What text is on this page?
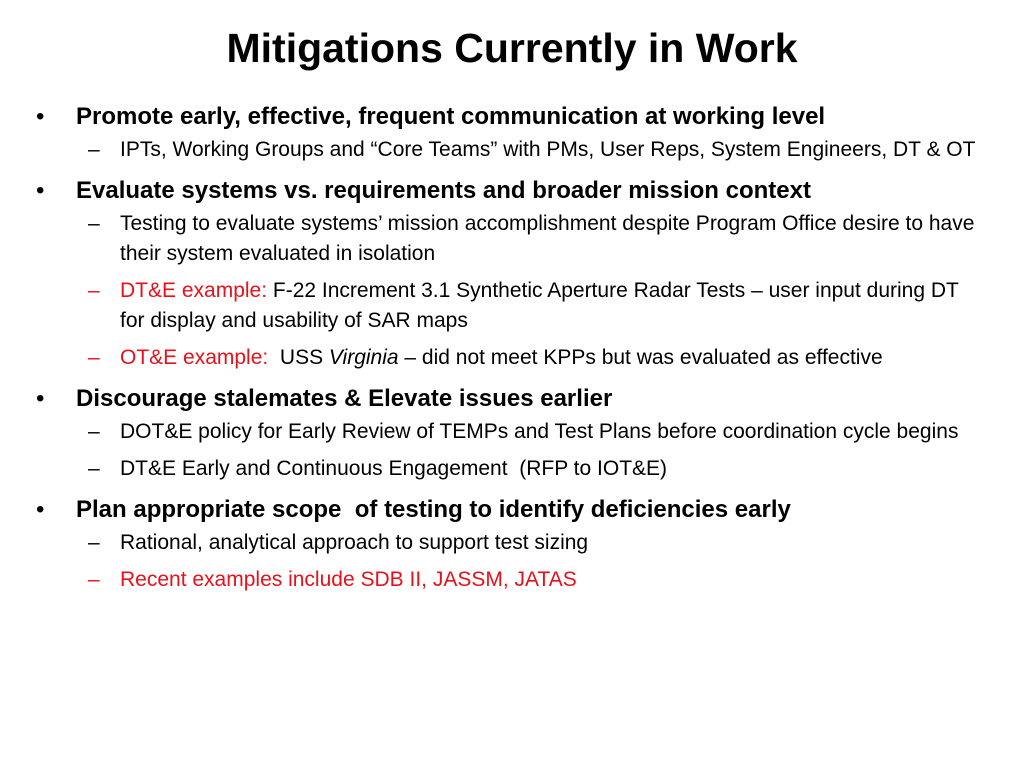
Mitigations Currently in Work
• Promote early, effective, frequent communication at working level
– IPTs, Working Groups and “Core Teams” with PMs, User Reps, System Engineers, DT & OT
• Evaluate systems vs. requirements and broader mission context
– Testing to evaluate systems’ mission accomplishment despite Program Office desire to have their system evaluated in isolation
– DT&E example: F-22 Increment 3.1 Synthetic Aperture Radar Tests – user input during DT for display and usability of SAR maps
– OT&E example:  USS Virginia – did not meet KPPs but was evaluated as effective
• Discourage stalemates & Elevate issues earlier
– DOT&E policy for Early Review of TEMPs and Test Plans before coordination cycle begins
– DT&E Early and Continuous Engagement  (RFP to IOT&E)
• Plan appropriate scope  of testing to identify deficiencies early
– Rational, analytical approach to support test sizing
– Recent examples include SDB II, JASSM, JATAS
